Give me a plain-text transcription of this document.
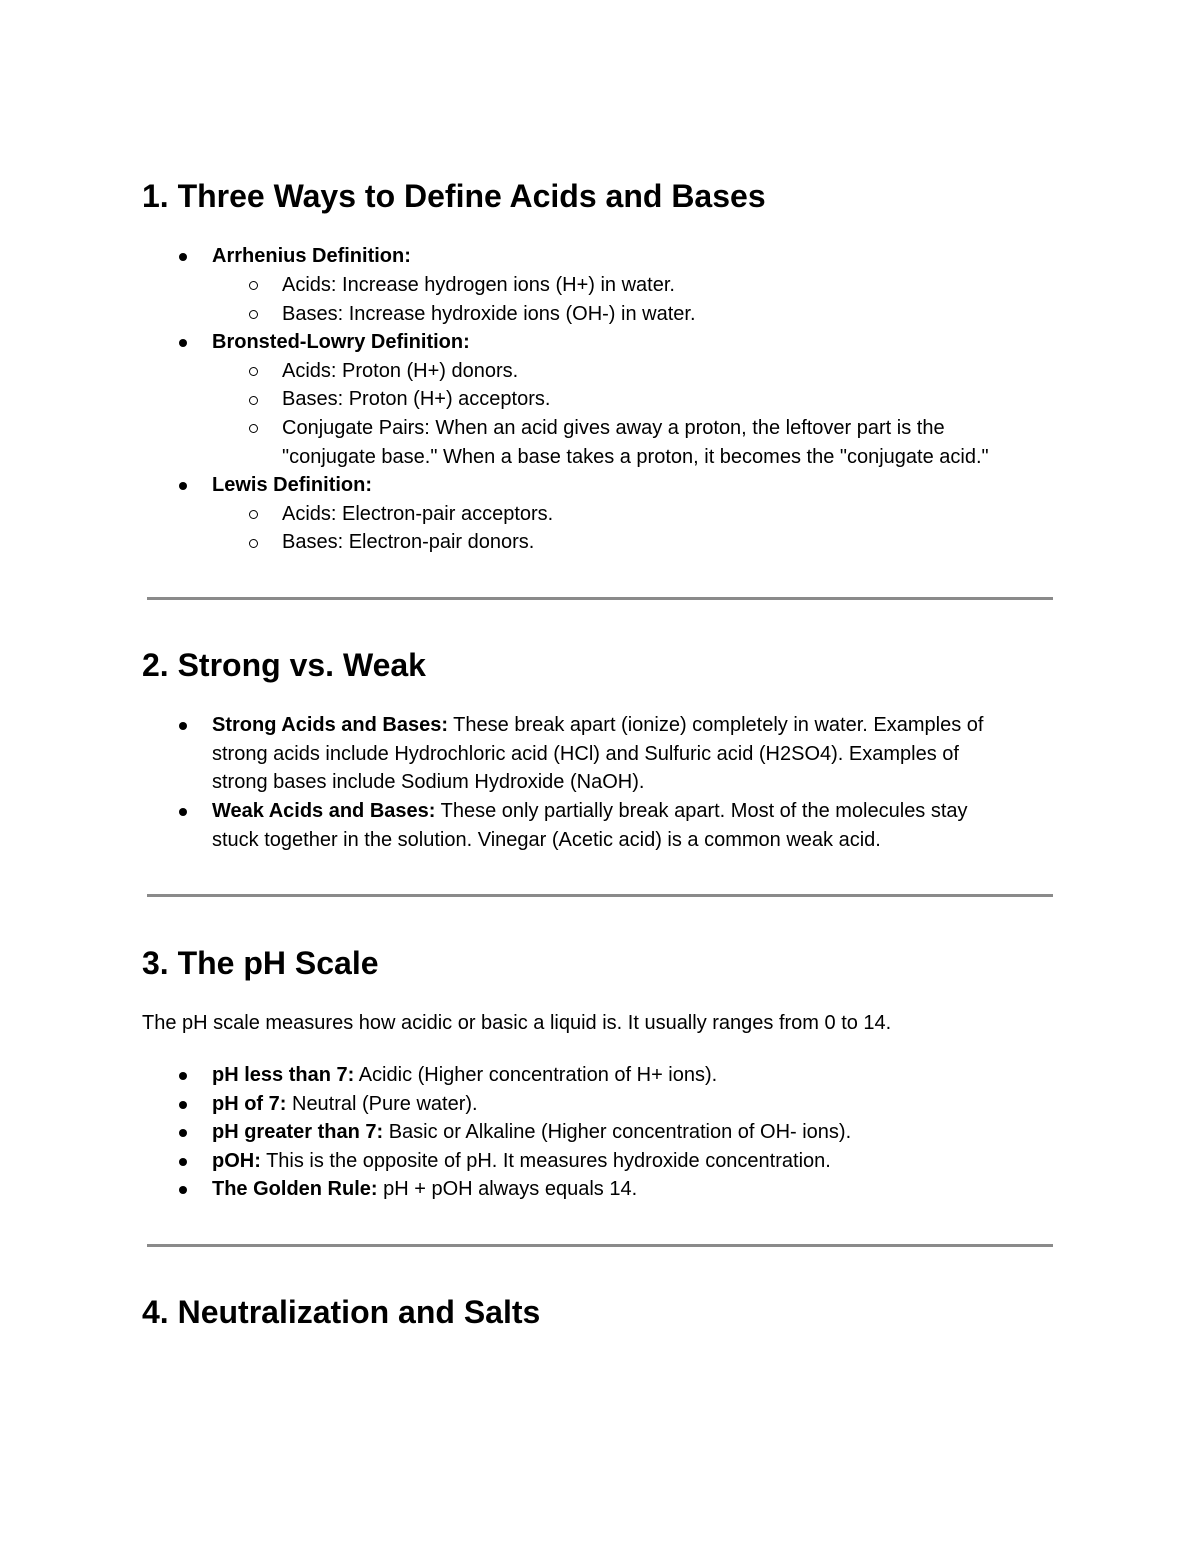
1. Three Ways to Define Acids and Bases

Arrhenius Definition:

Acids: Increase hydrogen ions (H+) in water.

Bases: Increase hydroxide ions (OH-) in water.

Bronsted-Lowry Definition:

Acids: Proton (H+) donors.

Bases: Proton (H+) acceptors.

Conjugate Pairs: When an acid gives away a proton, the leftover part is the

"conjugate base." When a base takes a proton, it becomes the "conjugate acid."

Lewis Definition:

Acids: Electron-pair acceptors.

Bases: Electron-pair donors.

2. Strong vs. Weak

Strong Acids and Bases: These break apart (ionize) completely in water. Examples of

strong acids include Hydrochloric acid (HCl) and Sulfuric acid (H2SO4). Examples of

strong bases include Sodium Hydroxide (NaOH).

Weak Acids and Bases: These only partially break apart. Most of the molecules stay

stuck together in the solution. Vinegar (Acetic acid) is a common weak acid.

3. The pH Scale

The pH scale measures how acidic or basic a liquid is. It usually ranges from 0 to 14.

pH less than 7: Acidic (Higher concentration of H+ ions).

pH of 7: Neutral (Pure water).

pH greater than 7: Basic or Alkaline (Higher concentration of OH- ions).

pOH: This is the opposite of pH. It measures hydroxide concentration.

The Golden Rule: pH + pOH always equals 14.

4. Neutralization and Salts
